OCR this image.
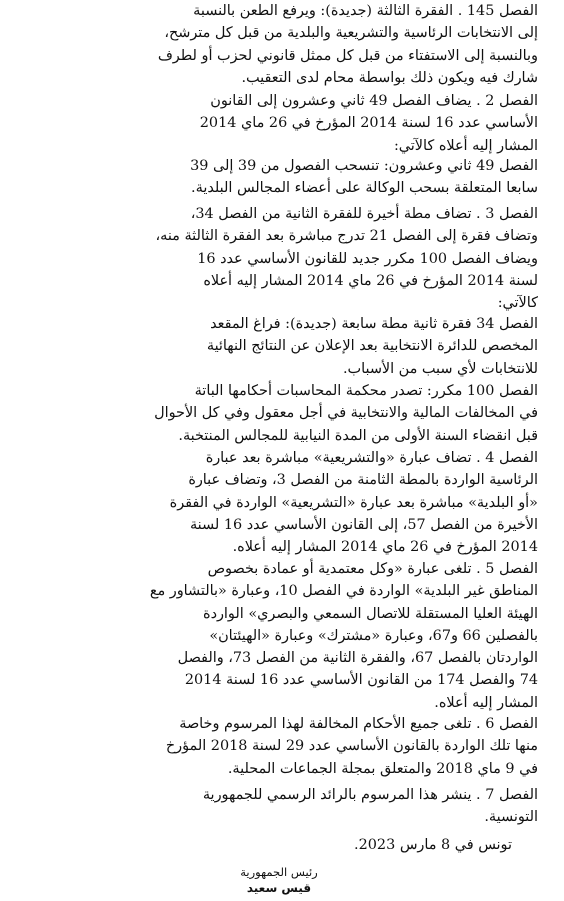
الفصل 145 . الفقرة الثالثة (جديدة): ويرفع الطعن بالنسبة
إلى الانتخابات الرئاسية والتشريعية والبلدية من قبل كل مترشح،
وبالنسبة إلى الاستفتاء من قبل كل ممثل قانوني لحزب أو لطرف
شارك فيه ويكون ذلك بواسطة محام لدى التعقيب.
الفصل 2 . يضاف الفصل 49 ثاني وعشرون إلى القانون
الأساسي عدد 16 لسنة 2014 المؤرخ في 26 ماي 2014
المشار إليه أعلاه كالآتي:
الفصل 49 ثاني وعشرون: تنسحب الفصول من 39 إلى 39
سابعا المتعلقة بسحب الوكالة على أعضاء المجالس البلدية.
الفصل 3 . تضاف مطة أخيرة للفقرة الثانية من الفصل 34،
وتضاف فقرة إلى الفصل 21 تدرج مباشرة بعد الفقرة الثالثة منه،
ويضاف الفصل 100 مكرر جديد للقانون الأساسي عدد 16
لسنة 2014 المؤرخ في 26 ماي 2014 المشار إليه أعلاه
كالآتي:
الفصل 34 فقرة ثانية مطة سابعة (جديدة): فراغ المقعد
المخصص للدائرة الانتخابية بعد الإعلان عن النتائج النهائية
للانتخابات لأي سبب من الأسباب.
الفصل 100 مكرر: تصدر محكمة المحاسبات أحكامها الباتة
في المخالفات المالية والانتخابية في أجل معقول وفي كل الأحوال
قبل انقضاء السنة الأولى من المدة النيابية للمجالس المنتخبة.
الفصل 4 . تضاف عبارة «والتشريعية» مباشرة بعد عبارة
الرئاسية الواردة بالمطة الثامنة من الفصل 3، وتضاف عبارة
«أو البلدية» مباشرة بعد عبارة «التشريعية» الواردة في الفقرة
الأخيرة من الفصل 57، إلى القانون الأساسي عدد 16 لسنة
2014 المؤرخ في 26 ماي 2014 المشار إليه أعلاه.
الفصل 5 . تلغى عبارة «وكل معتمدية أو عمادة بخصوص
المناطق غير البلدية» الواردة في الفصل 10، وعبارة «بالتشاور مع
الهيئة العليا المستقلة للاتصال السمعي والبصري» الواردة
بالفصلين 66 و67، وعبارة «مشترك» وعبارة «الهيئتان»
الواردتان بالفصل 67، والفقرة الثانية من الفصل 73، والفصل
74 والفصل 174 من القانون الأساسي عدد 16 لسنة 2014
المشار إليه أعلاه.
الفصل 6 . تلغى جميع الأحكام المخالفة لهذا المرسوم وخاصة
منها تلك الواردة بالقانون الأساسي عدد 29 لسنة 2018 المؤرخ
في 9 ماي 2018 والمتعلق بمجلة الجماعات المحلية.
الفصل 7 . ينشر هذا المرسوم بالرائد الرسمي للجمهورية
التونسية.
تونس في 8 مارس 2023.
رئيس الجمهورية
قيس سعيد
